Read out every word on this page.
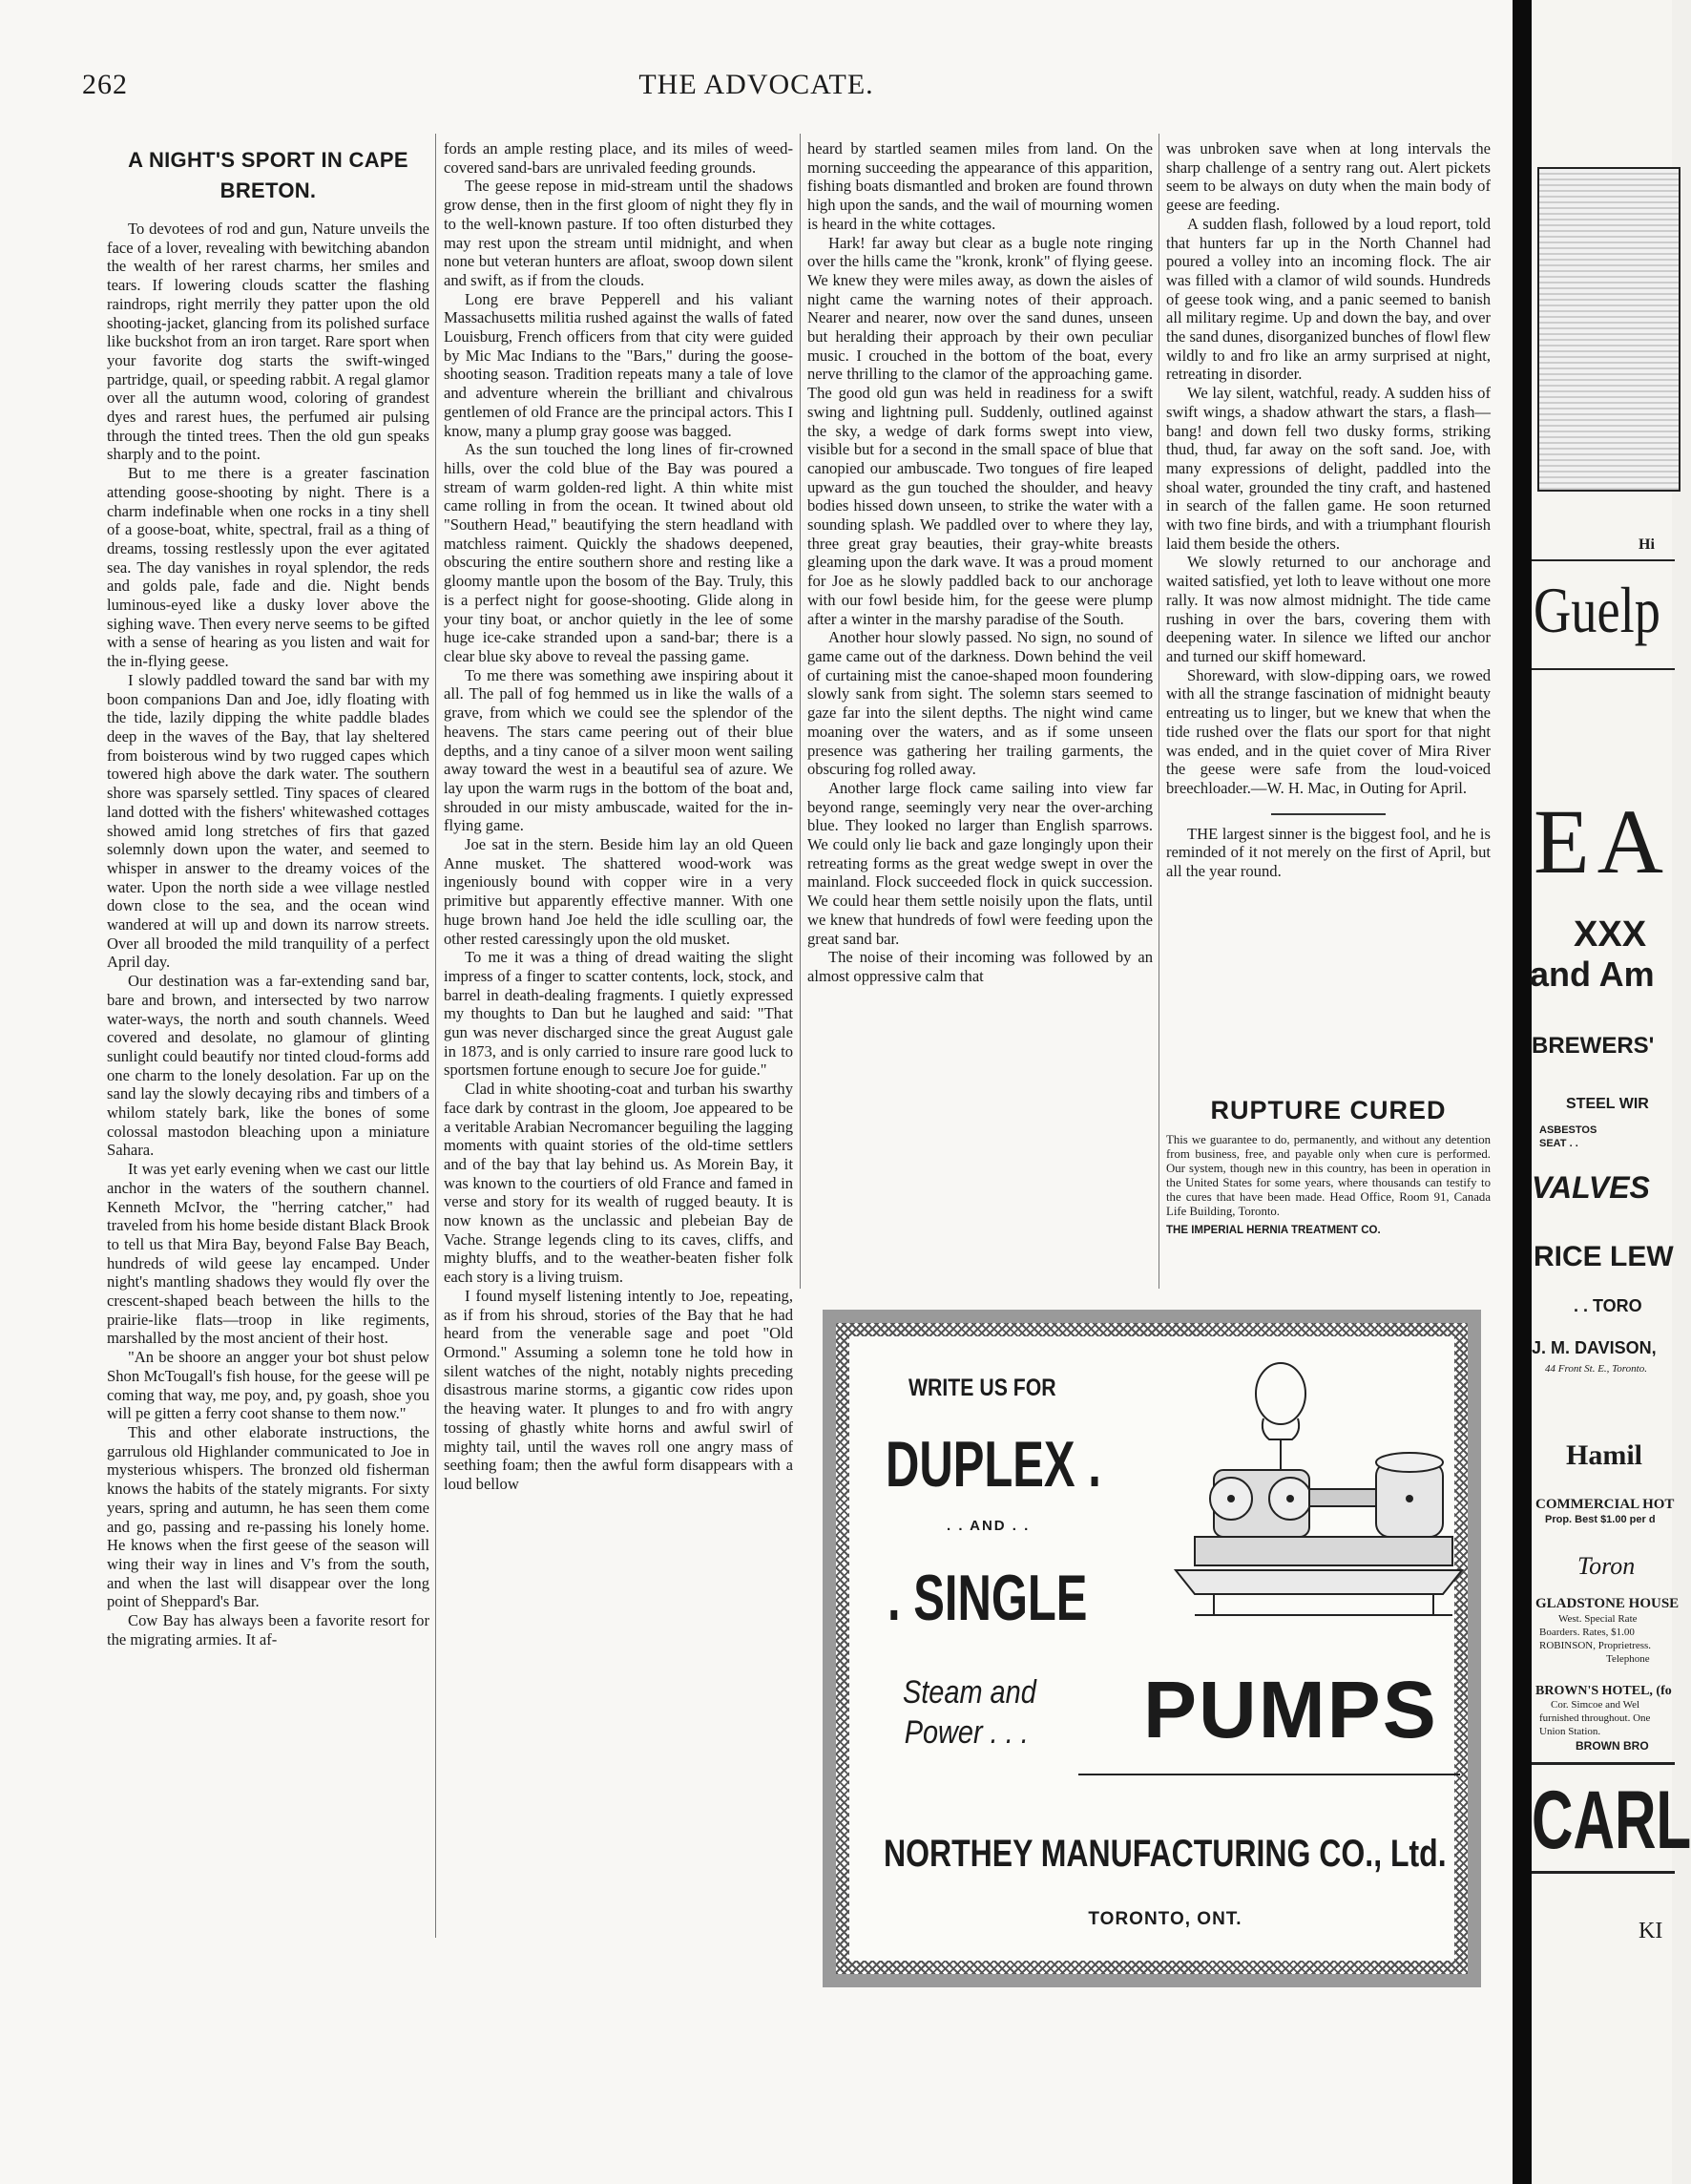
262	THE ADVOCATE.
A NIGHT'S SPORT IN CAPE BRETON.

To devotees of rod and gun, Nature unveils the face of a lover, revealing with bewitching abandon the wealth of her rarest charms, her smiles and tears. If lowering clouds scatter the flashing raindrops, right merrily they patter upon the old shooting-jacket, glancing from its polished surface like buckshot from an iron target. Rare sport when your favorite dog starts the swift-winged partridge, quail, or speeding rabbit. A regal glamor over all the autumn wood, coloring of grandest dyes and rarest hues, the perfumed air pulsing through the tinted trees. Then the old gun speaks sharply and to the point.

But to me there is a greater fascination attending goose-shooting by night. There is a charm indefinable when one rocks in a tiny shell of a goose-boat, white, spectral, frail as a thing of dreams, tossing restlessly upon the ever agitated sea. The day vanishes in royal splendor, the reds and golds pale, fade and die. Night bends luminous-eyed like a dusky lover above the sighing wave. Then every nerve seems to be gifted with a sense of hearing as you listen and wait for the in-flying geese.

I slowly paddled toward the sand bar with my boon companions Dan and Joe, idly floating with the tide, lazily dipping the white paddle blades deep in the waves of the Bay, that lay sheltered from boisterous wind by two rugged capes which towered high above the dark water. The southern shore was sparsely settled. Tiny spaces of cleared land dotted with the fishers' whitewashed cottages showed amid long stretches of firs that gazed solemnly down upon the water, and seemed to whisper in answer to the dreamy voices of the water. Upon the north side a wee village nestled down close to the sea, and the ocean wind wandered at will up and down its narrow streets. Over all brooded the mild tranquility of a perfect April day.

Our destination was a far-extending sand bar, bare and brown, and intersected by two narrow water-ways, the north and south channels. Weed covered and desolate, no glamour of glinting sunlight could beautify nor tinted cloud-forms add one charm to the lonely desolation. Far up on the sand lay the slowly decaying ribs and timbers of a whilom stately bark, like the bones of some colossal mastodon bleaching upon a miniature Sahara.

It was yet early evening when we cast our little anchor in the waters of the southern channel. Kenneth McIvor, the "herring catcher," had traveled from his home beside distant Black Brook to tell us that Mira Bay, beyond False Bay Beach, hundreds of wild geese lay encamped. Under night's mantling shadows they would fly over the crescent-shaped beach between the hills to the prairie-like flats—troop in like regiments, marshalled by the most ancient of their host.

"An be shoore an angger your bot shust pelow Shon McTougall's fish house, for the geese will pe coming that way, me poy, and, py goash, shoe you will pe gitten a ferry coot shanse to them now."

This and other elaborate instructions, the garrulous old Highlander communicated to Joe in mysterious whispers. The bronzed old fisherman knows the habits of the stately migrants. For sixty years, spring and autumn, he has seen them come and go, passing and re-passing his lonely home. He knows when the first geese of the season will wing their way in lines and V's from the south, and when the last will disappear over the long point of Sheppard's Bar.

Cow Bay has always been a favorite resort for the migrating armies. It af-

fords an ample resting place, and its miles of weed-covered sand-bars are unrivaled feeding grounds.

The geese repose in mid-stream until the shadows grow dense, then in the first gloom of night they fly in to the well-known pasture. If too often disturbed they may rest upon the stream until midnight, and when none but veteran hunters are afloat, swoop down silent and swift, as if from the clouds.

Long ere brave Pepperell and his valiant Massachusetts militia rushed against the walls of fated Louisburg, French officers from that city were guided by Mic Mac Indians to the "Bars," during the goose-shooting season. Tradition repeats many a tale of love and adventure wherein the brilliant and chivalrous gentlemen of old France are the principal actors. This I know, many a plump gray goose was bagged.

As the sun touched the long lines of fir-crowned hills, over the cold blue of the Bay was poured a stream of warm golden-red light. A thin white mist came rolling in from the ocean. It twined about old "Southern Head," beautifying the stern headland with matchless raiment. Quickly the shadows deepened, obscuring the entire southern shore and resting like a gloomy mantle upon the bosom of the Bay. Truly, this is a perfect night for goose-shooting. Glide along in your tiny boat, or anchor quietly in the lee of some huge ice-cake stranded upon a sand-bar; there is a clear blue sky above to reveal the passing game.

To me there was something awe inspiring about it all. The pall of fog hemmed us in like the walls of a grave, from which we could see the splendor of the heavens. The stars came peering out of their blue depths, and a tiny canoe of a silver moon went sailing away toward the west in a beautiful sea of azure. We lay upon the warm rugs in the bottom of the boat and, shrouded in our misty ambuscade, waited for the in-flying game.

Joe sat in the stern. Beside him lay an old Queen Anne musket. The shattered wood-work was ingeniously bound with copper wire in a very primitive but apparently effective manner. With one huge brown hand Joe held the idle sculling oar, the other rested caressingly upon the old musket.

To me it was a thing of dread waiting the slight impress of a finger to scatter contents, lock, stock, and barrel in death-dealing fragments. I quietly expressed my thoughts to Dan but he laughed and said: "That gun was never discharged since the great August gale in 1873, and is only carried to insure rare good luck to sportsmen fortune enough to secure Joe for guide."

Clad in white shooting-coat and turban his swarthy face dark by contrast in the gloom, Joe appeared to be a veritable Arabian Necromancer beguiling the lagging moments with quaint stories of the old-time settlers and of the bay that lay behind us. As Morein Bay, it was known to the courtiers of old France and famed in verse and story for its wealth of rugged beauty. It is now known as the unclassic and plebeian Bay de Vache. Strange legends cling to its caves, cliffs, and mighty bluffs, and to the weather-beaten fisher folk each story is a living truism.

I found myself listening intently to Joe, repeating, as if from his shroud, stories of the Bay that he had heard from the venerable sage and poet "Old Ormond." Assuming a solemn tone he told how in silent watches of the night, notably nights preceding disastrous marine storms, a gigantic cow rides upon the heaving water. It plunges to and fro with angry tossing of ghastly white horns and awful swirl of mighty tail, until the waves roll one angry mass of seething foam; then the awful form disappears with a loud bellow

heard by startled seamen miles from land. On the morning succeeding the appearance of this apparition, fishing boats dismantled and broken are found thrown high upon the sands, and the wail of mourning women is heard in the white cottages.

Hark! far away but clear as a bugle note ringing over the hills came the "kronk, kronk" of flying geese. We knew they were miles away, as down the aisles of night came the warning notes of their approach. Nearer and nearer, now over the sand dunes, unseen but heralding their approach by their own peculiar music. I crouched in the bottom of the boat, every nerve thrilling to the clamor of the approaching game. The good old gun was held in readiness for a swift swing and lightning pull. Suddenly, outlined against the sky, a wedge of dark forms swept into view, visible but for a second in the small space of blue that canopied our ambuscade. Two tongues of fire leaped upward as the gun touched the shoulder, and heavy bodies hissed down unseen, to strike the water with a sounding splash. We paddled over to where they lay, three great gray beauties, their gray-white breasts gleaming upon the dark wave. It was a proud moment for Joe as he slowly paddled back to our anchorage with our fowl beside him, for the geese were plump after a winter in the marshy paradise of the South.

Another hour slowly passed. No sign, no sound of game came out of the darkness. Down behind the veil of curtaining mist the canoe-shaped moon foundering slowly sank from sight. The solemn stars seemed to gaze far into the silent depths. The night wind came moaning over the waters, and as if some unseen presence was gathering her trailing garments, the obscuring fog rolled away.

Another large flock came sailing into view far beyond range, seemingly very near the over-arching blue. They looked no larger than English sparrows. We could only lie back and gaze longingly upon their retreating forms as the great wedge swept in over the mainland. Flock succeeded flock in quick succession. We could hear them settle noisily upon the flats, until we knew that hundreds of fowl were feeding upon the great sand bar.

The noise of their incoming was followed by an almost oppressive calm that

was unbroken save when at long intervals the sharp challenge of a sentry rang out. Alert pickets seem to be always on duty when the main body of geese are feeding.

A sudden flash, followed by a loud report, told that hunters far up in the North Channel had poured a volley into an incoming flock. The air was filled with a clamor of wild sounds. Hundreds of geese took wing, and a panic seemed to banish all military regime. Up and down the bay, and over the sand dunes, disorganized bunches of flowl flew wildly to and fro like an army surprised at night, retreating in disorder.

We lay silent, watchful, ready. A sudden hiss of swift wings, a shadow athwart the stars, a flash—bang! and down fell two dusky forms, striking thud, thud, far away on the soft sand. Joe, with many expressions of delight, paddled into the shoal water, grounded the tiny craft, and hastened in search of the fallen game. He soon returned with two fine birds, and with a triumphant flourish laid them beside the others.

We slowly returned to our anchorage and waited satisfied, yet loth to leave without one more rally. It was now almost midnight. The tide came rushing in over the bars, covering them with deepening water. In silence we lifted our anchor and turned our skiff homeward.

Shoreward, with slow-dipping oars, we rowed with all the strange fascination of midnight beauty entreating us to linger, but we knew that when the tide rushed over the flats our sport for that night was ended, and in the quiet cover of Mira River the geese were safe from the loud-voiced breechloader.—W. H. Mac, in Outing for April.

THE largest sinner is the biggest fool, and he is reminded of it not merely on the first of April, but all the year round.

RUPTURE CURED
This we guarantee to do, permanently, and without any detention from business, free, and payable only when cure is performed. Our system, though new in this country, has been in operation in the United States for some years, where thousands can testify to the cures that have been made. Head Office, Room 91, Canada Life Building, Toronto.
THE IMPERIAL HERNIA TREATMENT CO.
WRITE US FOR
DUPLEX .
. . AND . .
. SINGLE
Steam and
Power . . . PUMPS
NORTHEY MANUFACTURING CO., Ltd.
TORONTO, ONT.
Hi
Guelp
EA
XXX
and Am
BREWERS'
STEEL WIR
ASBESTOS
SEAT . .
VALVES
RICE LEW
. . TORO
J. M. DAVISON,
44 Front St. E., Toronto.
Hamil
COMMERCIAL HOT
Prop. Best $1.00 per d
Toron
GLADSTONE HOUSE
West. Special Rate
Boarders. Rates, $1.00
ROBINSON, Proprietress.
Telephone
BROWN'S HOTEL, (fo
Cor. Simcoe and Wel
furnished throughout. One
Union Station.
BROWN BRO
CARL
KI
